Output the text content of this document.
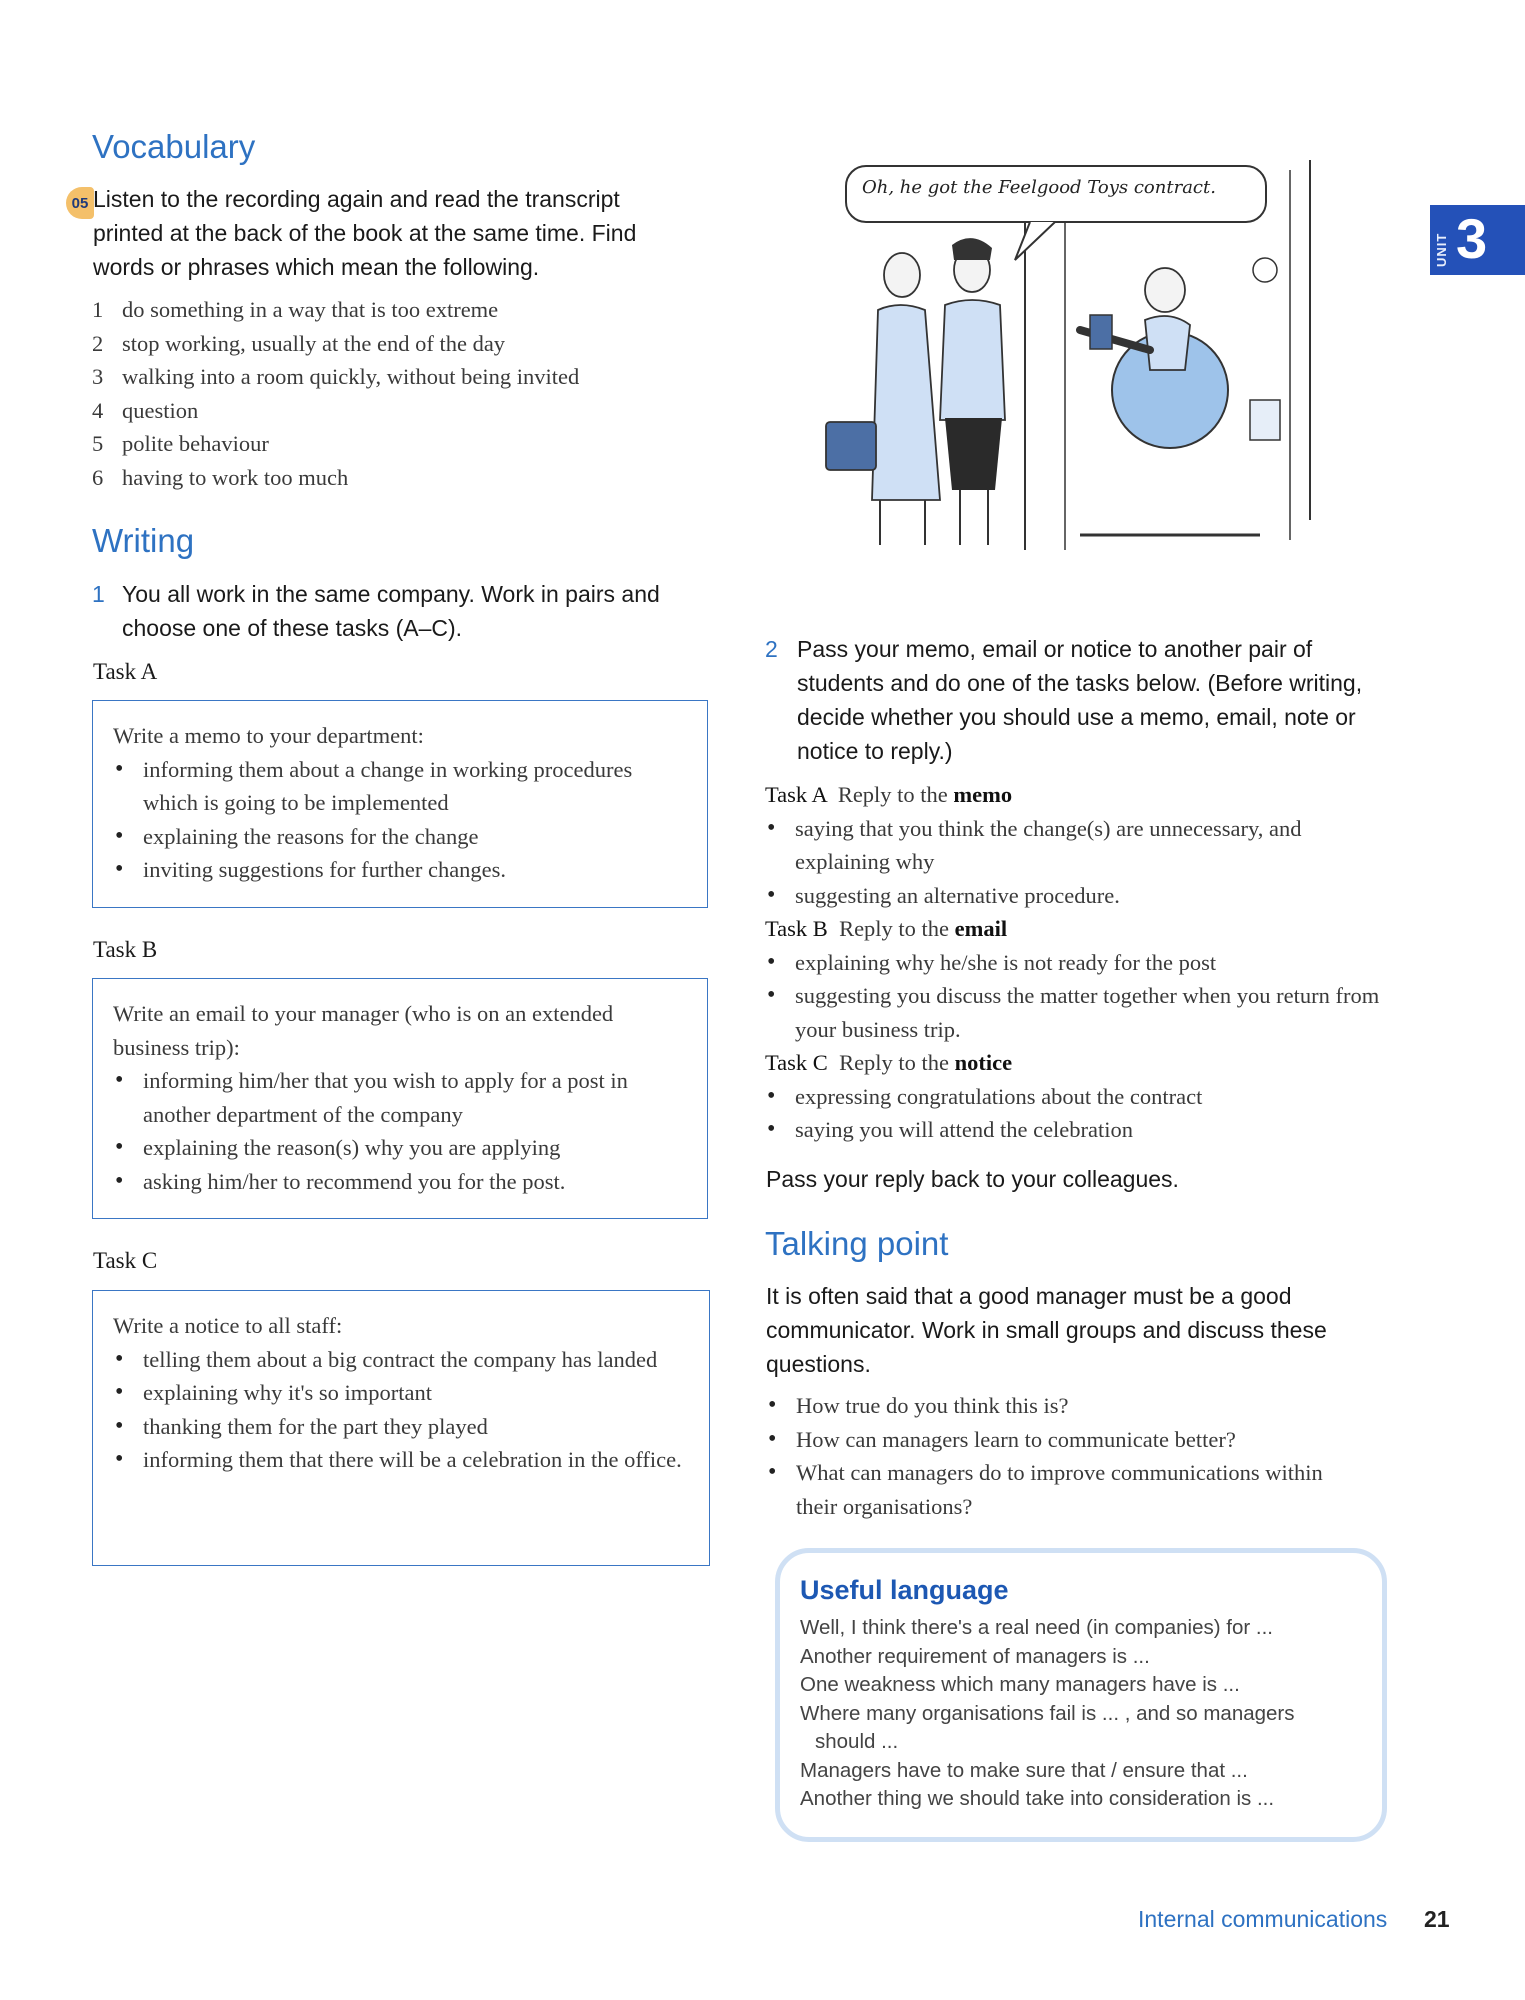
Vocabulary
05 Listen to the recording again and read the transcript printed at the back of the book at the same time. Find words or phrases which mean the following.
1 do something in a way that is too extreme
2 stop working, usually at the end of the day
3 walking into a room quickly, without being invited
4 question
5 polite behaviour
6 having to work too much
Writing
1 You all work in the same company. Work in pairs and choose one of these tasks (A–C).
Task A
Write a memo to your department:
• informing them about a change in working procedures which is going to be implemented
• explaining the reasons for the change
• inviting suggestions for further changes.
Task B
Write an email to your manager (who is on an extended business trip):
• informing him/her that you wish to apply for a post in another department of the company
• explaining the reason(s) why you are applying
• asking him/her to recommend you for the post.
Task C
Write a notice to all staff:
• telling them about a big contract the company has landed
• explaining why it's so important
• thanking them for the part they played
• informing them that there will be a celebration in the office.
Oh, he got the Feelgood Toys contract.
UNIT 3
2 Pass your memo, email or notice to another pair of students and do one of the tasks below. (Before writing, decide whether you should use a memo, email, note or notice to reply.)
Task A Reply to the memo
• saying that you think the change(s) are unnecessary, and explaining why
• suggesting an alternative procedure.
Task B Reply to the email
• explaining why he/she is not ready for the post
• suggesting you discuss the matter together when you return from your business trip.
Task C Reply to the notice
• expressing congratulations about the contract
• saying you will attend the celebration
Pass your reply back to your colleagues.
Talking point
It is often said that a good manager must be a good communicator. Work in small groups and discuss these questions.
• How true do you think this is?
• How can managers learn to communicate better?
• What can managers do to improve communications within their organisations?
Useful language

Well, I think there's a real need (in companies) for ...

Another requirement of managers is ...

One weakness which many managers have is ...

Where many organisations fail is ... , and so managers should ...

Managers have to make sure that / ensure that ...

Another thing we should take into consideration is ...

Internal communications 21
